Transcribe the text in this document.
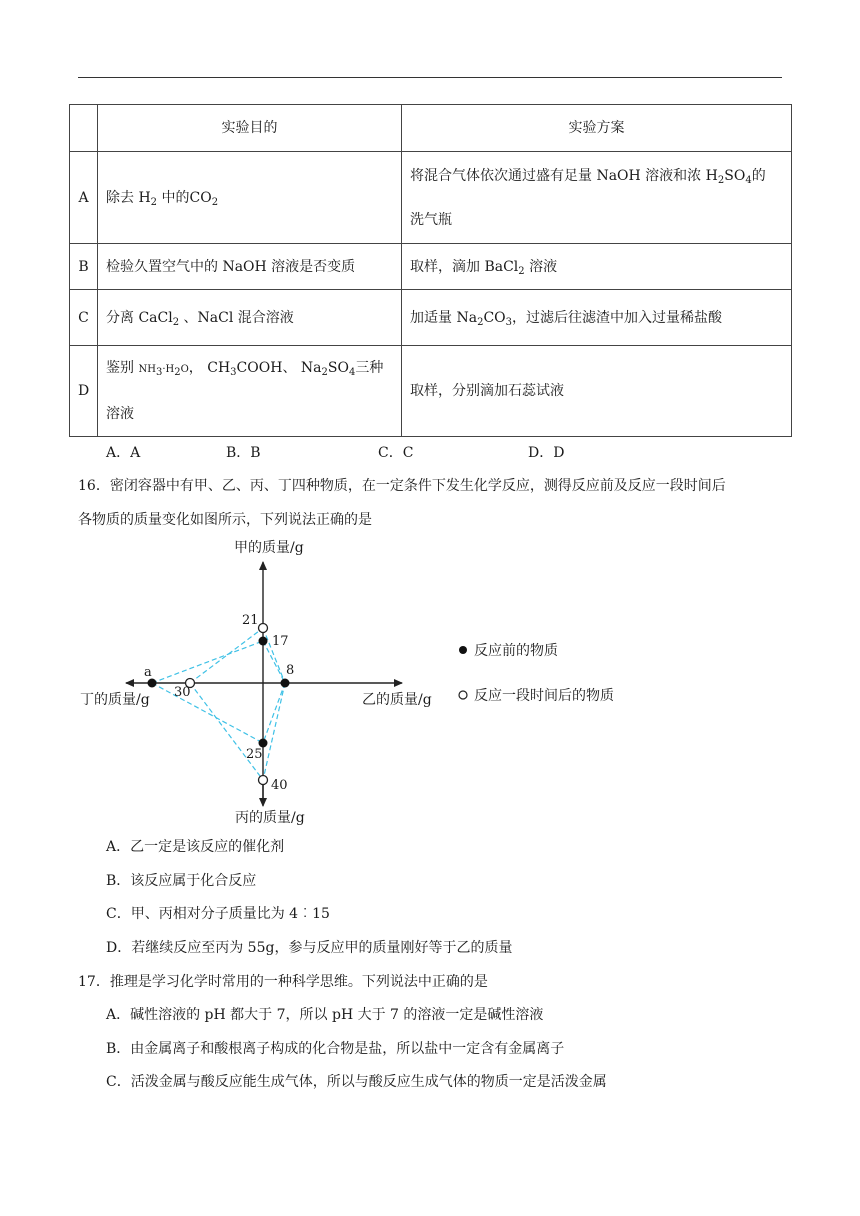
	实验目的	实验方案
A	除去 $H_2$ 中的$CO_2$	将混合气体依次通过盛有足量 NaOH 溶液和浓 $H_2SO_4$的
洗气瓶
B	检验久置空气中的 NaOH 溶液是否变质	取样，滴加 BaCl$_2$ 溶液
C	分离 CaCl$_2$ 、NaCl 混合溶液	加适量 $Na_2CO_3$，过滤后往滤渣中加入过量稀盐酸
D	鉴别 $NH_3\cdot H_2O$， $CH_3COOH$、 $Na_2SO_4$三种
溶液	取样，分别滴加石蕊试液
A．A	B．B	C．C	D．D
16．密闭容器中有甲、乙、丙、丁四种物质，在一定条件下发生化学反应，测得反应前及反应一段时间后
各物质的质量变化如图所示，下列说法正确的是
甲的质量/g
乙的质量/g
丁的质量/g
丙的质量/g
21
17
8
a
30
25
40
反应前的物质
反应一段时间后的物质
A．乙一定是该反应的催化剂
B．该反应属于化合反应
C．甲、丙相对分子质量比为 4︰15
D．若继续反应至丙为 55g，参与反应甲的质量刚好等于乙的质量
17．推理是学习化学时常用的一种科学思维。下列说法中正确的是
A．碱性溶液的 pH 都大于 7，所以 pH 大于 7 的溶液一定是碱性溶液
B．由金属离子和酸根离子构成的化合物是盐，所以盐中一定含有金属离子
C．活泼金属与酸反应能生成气体，所以与酸反应生成气体的物质一定是活泼金属
